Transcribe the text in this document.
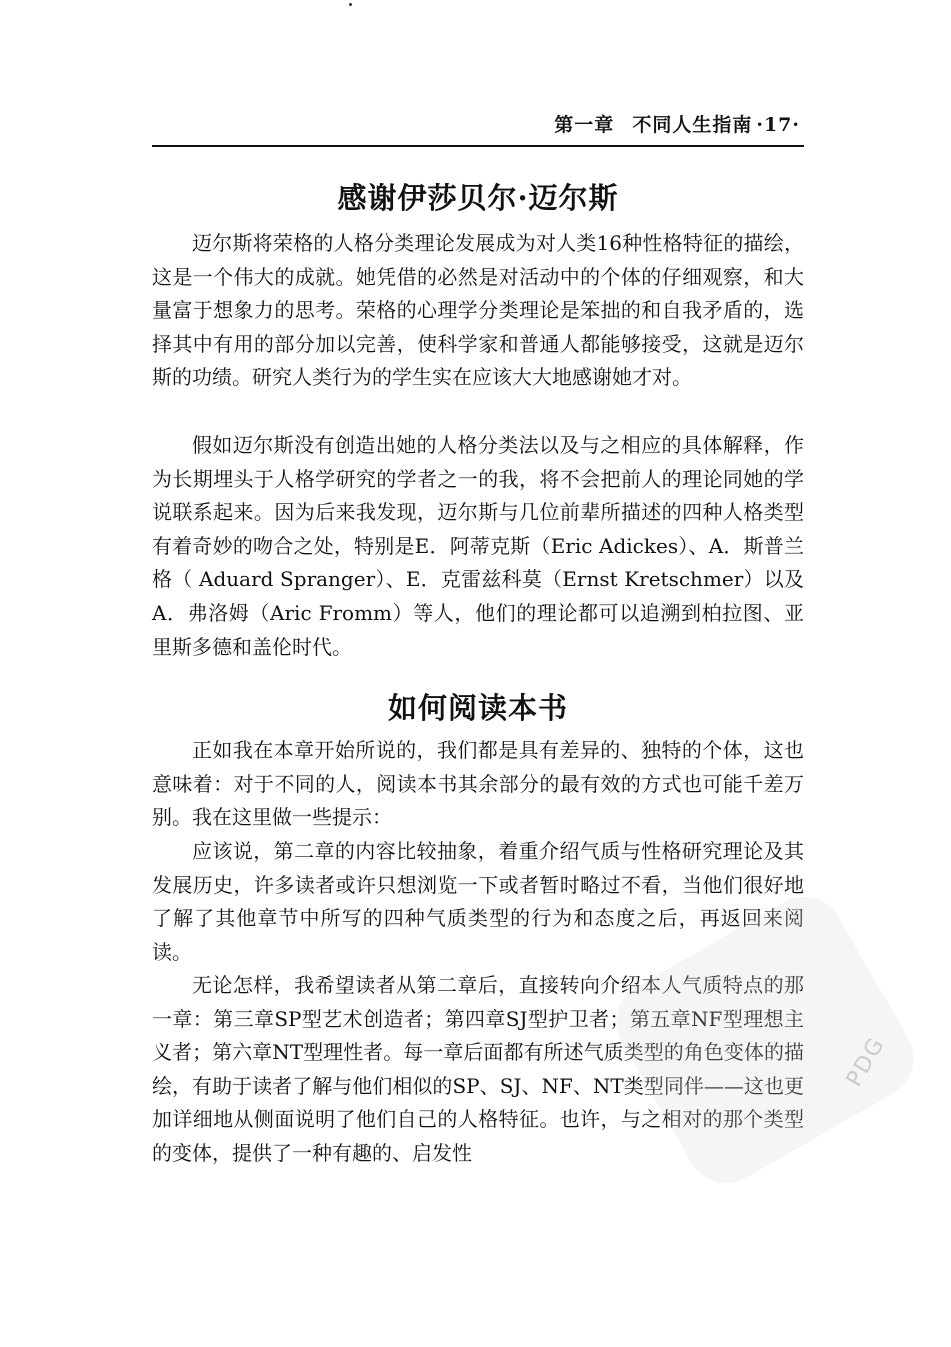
第一章 不同人生指南 ·17·
感谢伊莎贝尔·迈尔斯

迈尔斯将荣格的人格分类理论发展成为对人类16种性格特征的描绘，这是一个伟大的成就。她凭借的必然是对活动中的个体的仔细观察，和大量富于想象力的思考。荣格的心理学分类理论是笨拙的和自我矛盾的，选择其中有用的部分加以完善，使科学家和普通人都能够接受，这就是迈尔斯的功绩。研究人类行为的学生实在应该大大地感谢她才对。

假如迈尔斯没有创造出她的人格分类法以及与之相应的具体解释，作为长期埋头于人格学研究的学者之一的我，将不会把前人的理论同她的学说联系起来。因为后来我发现，迈尔斯与几位前辈所描述的四种人格类型有着奇妙的吻合之处，特别是E．阿蒂克斯（Eric Adickes）、A．斯普兰格（ Aduard Spranger）、E．克雷兹科莫（Ernst Kretschmer）以及A．弗洛姆（Aric Fromm）等人，他们的理论都可以追溯到柏拉图、亚里斯多德和盖伦时代。

如何阅读本书

正如我在本章开始所说的，我们都是具有差异的、独特的个体，这也意味着：对于不同的人，阅读本书其余部分的最有效的方式也可能千差万别。我在这里做一些提示：

应该说，第二章的内容比较抽象，着重介绍气质与性格研究理论及其发展历史，许多读者或许只想浏览一下或者暂时略过不看，当他们很好地了解了其他章节中所写的四种气质类型的行为和态度之后，再返回来阅读。

无论怎样，我希望读者从第二章后，直接转向介绍本人气质特点的那一章：第三章SP型艺术创造者；第四章SJ型护卫者；第五章NF型理想主义者；第六章NT型理性者。每一章后面都有所述气质类型的角色变体的描绘，有助于读者了解与他们相似的SP、SJ、NF、NT类型同伴——这也更加详细地从侧面说明了他们自己的人格特征。也许，与之相对的那个类型的变体，提供了一种有趣的、启发性

PDG
